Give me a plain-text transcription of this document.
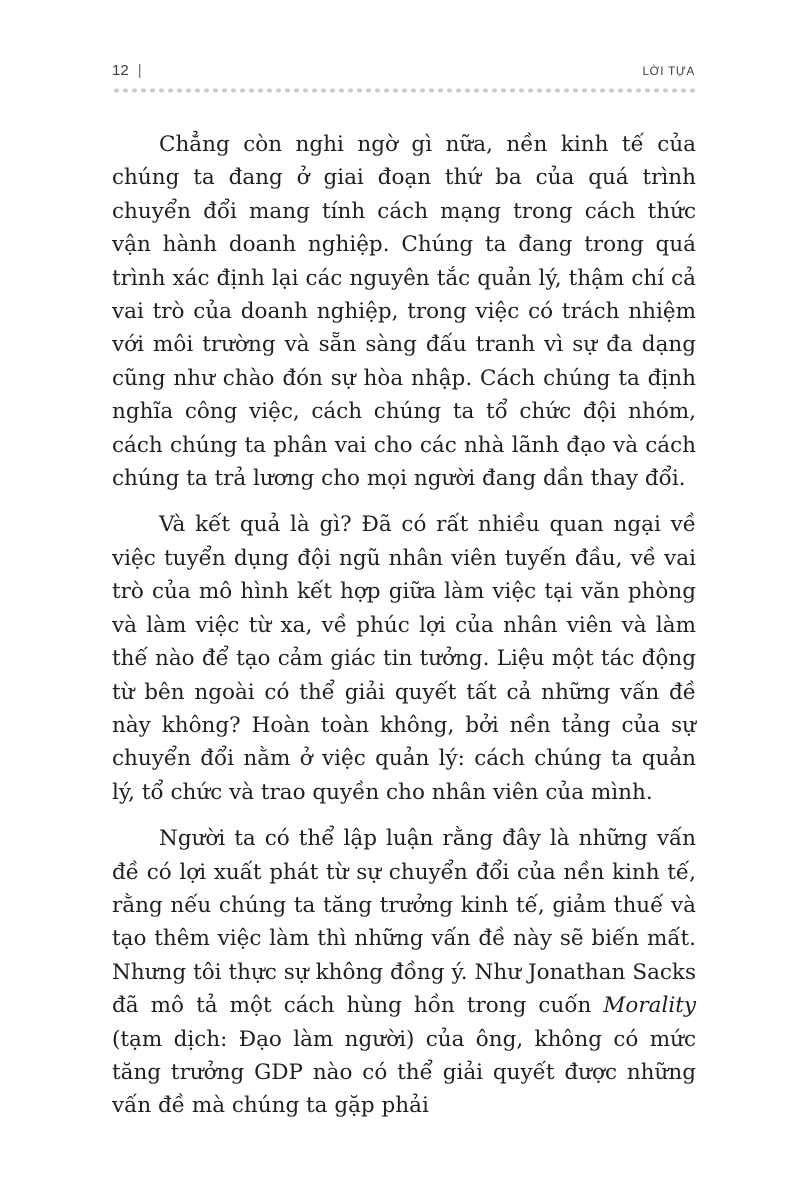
12 |	LỜI TỰA

Chẳng còn nghi ngờ gì nữa, nền kinh tế của chúng ta đang ở giai đoạn thứ ba của quá trình chuyển đổi mang tính cách mạng trong cách thức vận hành doanh nghiệp. Chúng ta đang trong quá trình xác định lại các nguyên tắc quản lý, thậm chí cả vai trò của doanh nghiệp, trong việc có trách nhiệm với môi trường và sẵn sàng đấu tranh vì sự đa dạng cũng như chào đón sự hòa nhập. Cách chúng ta định nghĩa công việc, cách chúng ta tổ chức đội nhóm, cách chúng ta phân vai cho các nhà lãnh đạo và cách chúng ta trả lương cho mọi người đang dần thay đổi.

Và kết quả là gì? Đã có rất nhiều quan ngại về việc tuyển dụng đội ngũ nhân viên tuyến đầu, về vai trò của mô hình kết hợp giữa làm việc tại văn phòng và làm việc từ xa, về phúc lợi của nhân viên và làm thế nào để tạo cảm giác tin tưởng. Liệu một tác động từ bên ngoài có thể giải quyết tất cả những vấn đề này không? Hoàn toàn không, bởi nền tảng của sự chuyển đổi nằm ở việc quản lý: cách chúng ta quản lý, tổ chức và trao quyền cho nhân viên của mình.

Người ta có thể lập luận rằng đây là những vấn đề có lợi xuất phát từ sự chuyển đổi của nền kinh tế, rằng nếu chúng ta tăng trưởng kinh tế, giảm thuế và tạo thêm việc làm thì những vấn đề này sẽ biến mất. Nhưng tôi thực sự không đồng ý. Như Jonathan Sacks đã mô tả một cách hùng hồn trong cuốn Morality (tạm dịch: Đạo làm người) của ông, không có mức tăng trưởng GDP nào có thể giải quyết được những vấn đề mà chúng ta gặp phải
